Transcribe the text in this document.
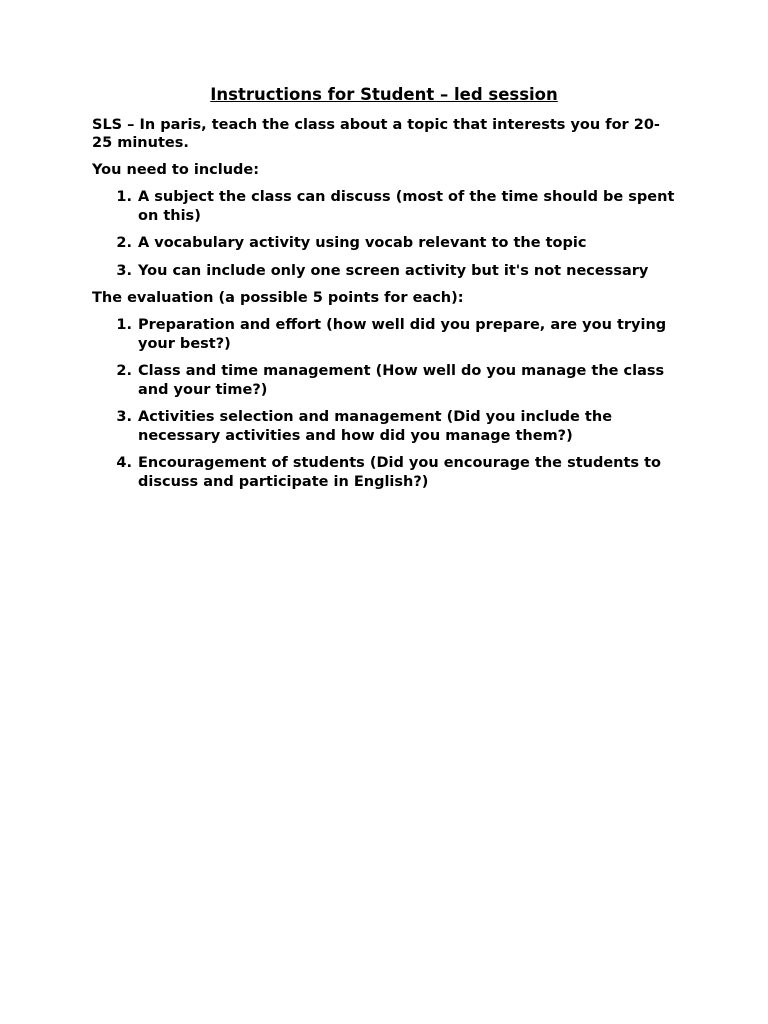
Instructions for Student – led session

SLS – In paris, teach the class about a topic that interests you for 20-25 minutes.

You need to include:

1. A subject the class can discuss (most of the time should be spent on this)
2. A vocabulary activity using vocab relevant to the topic
3. You can include only one screen activity but it's not necessary

The evaluation (a possible 5 points for each):

1. Preparation and effort (how well did you prepare, are you trying your best?)
2. Class and time management (How well do you manage the class and your time?)
3. Activities selection and management (Did you include the necessary activities and how did you manage them?)
4. Encouragement of students (Did you encourage the students to discuss and participate in English?)
